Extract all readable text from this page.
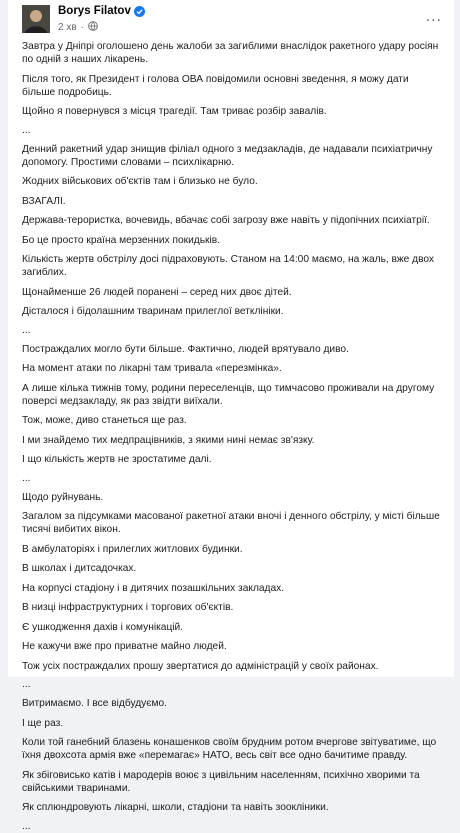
Borys Filatov
2 хв ·
...
Завтра у Дніпрі оголошено день жалоби за загиблими внаслідок ракетного удару росіян по одній з наших лікарень.
Після того, як Президент і голова ОВА повідомили основні зведення, я можу дати більше подробиць.
Щойно я повернувся з місця трагедії. Там триває розбір завалів.
...
Денний ракетний удар знищив філіал одного з медзакладів, де надавали психіатричну допомогу. Простими словами – психлікарню.
Жодних військових об'єктів там і близько не було.
ВЗАГАЛІ.
Держава-терористка, вочевидь, вбачає собі загрозу вже навіть у підопічних психіатрії.
Бо це просто країна мерзенних покидьків.
Кількість жертв обстрілу досі підраховують. Станом на 14:00 маємо, на жаль, вже двох загиблих.
Щонайменше 26 людей поранені – серед них двоє дітей.
Дісталося і бідолашним тваринам прилеглої ветклініки.
...
Постраждалих могло бути більше. Фактично, людей врятувало диво.
На момент атаки по лікарні там тривала «перезмінка».
А лише кілька тижнів тому, родини переселенців, що тимчасово проживали на другому поверсі медзакладу, як раз звідти виїхали.
Тож, може, диво станеться ще раз.
І ми знайдемо тих медпрацівників, з якими нині немає зв'язку.
І що кількість жертв не зростатиме далі.
...
Щодо руйнувань.
Загалом за підсумками масованої ракетної атаки вночі і денного обстрілу, у місті більше тисячі вибитих вікон.
В амбулаторіях і прилеглих житлових будинки.
В школах і дитсадочках.
На корпусі стадіону і в дитячих позашкільних закладах.
В низці інфраструктурних і торгових об'єктів.
Є ушкодження дахів і комунікацій.
Не кажучи вже про приватне майно людей.
Тож усіх постраждалих прошу звертатися до адміністрацій у своїх районах.
...
Витримаємо. І все відбудуємо.
І ще раз.
Коли той ганебний блазень конашенков своїм брудним ротом вчергове звітуватиме, що їхня двохсота армія вже «перемагає» НАТО, весь світ все одно бачитиме правду.
Як збіговисько катів і мародерів воює з цивільним населенням, психічно хворими та свійськими тваринами.
Як сплюндровують лікарні, школи, стадіони та навіть зоокліники.
...
